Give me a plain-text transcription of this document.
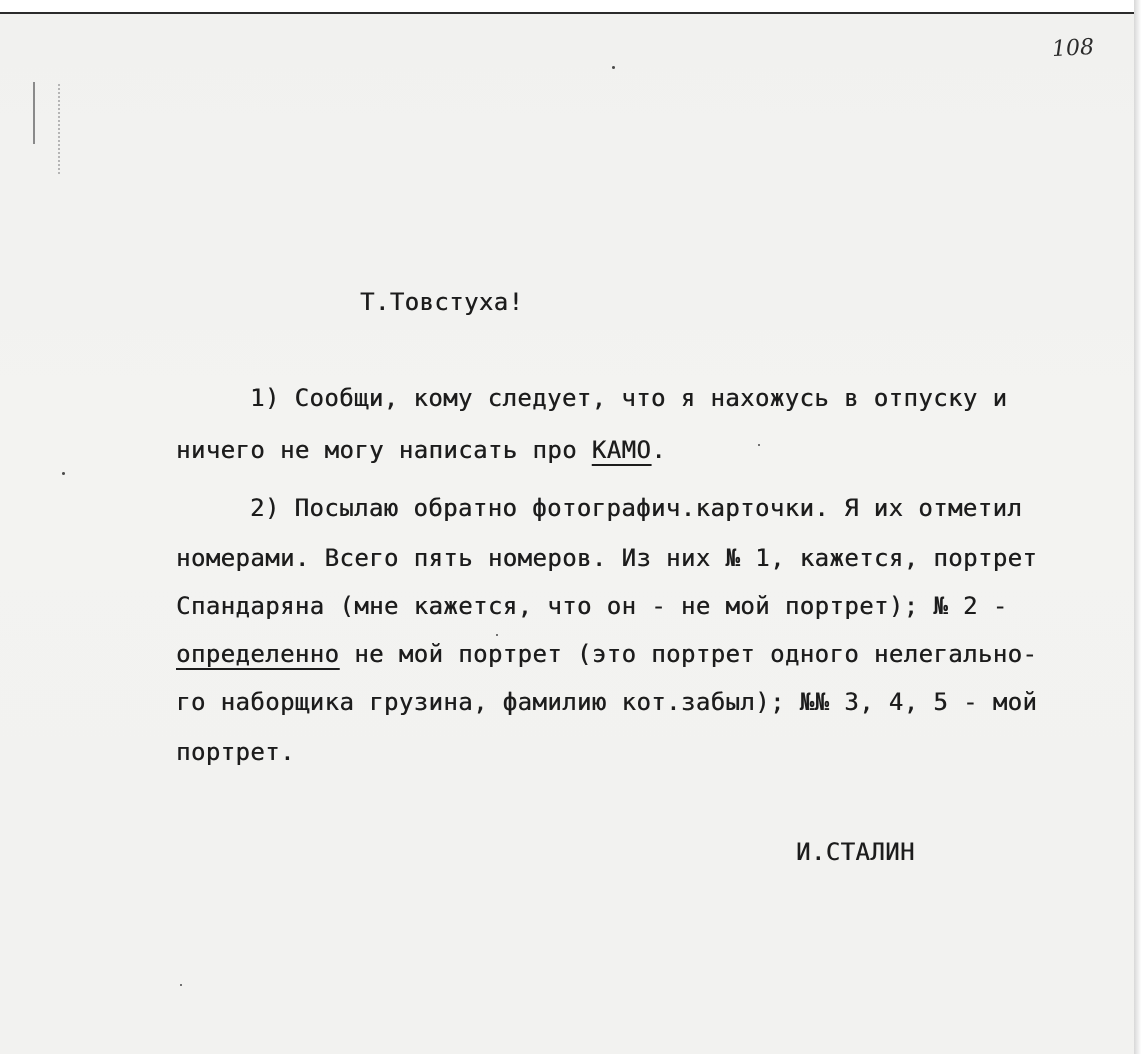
108
Т.Товстуха!
1) Сообщи, кому следует, что я нахожусь в отпуску и
ничего не могу написать про КАМО.
2) Посылаю обратно фотографич.карточки. Я их отметил
номерами. Всего пять номеров. Из них № 1, кажется, портрет
Спандаряна (мне кажется, что он - не мой портрет); № 2 -
определенно не мой портрет (это портрет одного нелегально-
го наборщика грузина, фамилию кот.забыл); №№ 3, 4, 5 - мой
портрет.
И.СТАЛИН
